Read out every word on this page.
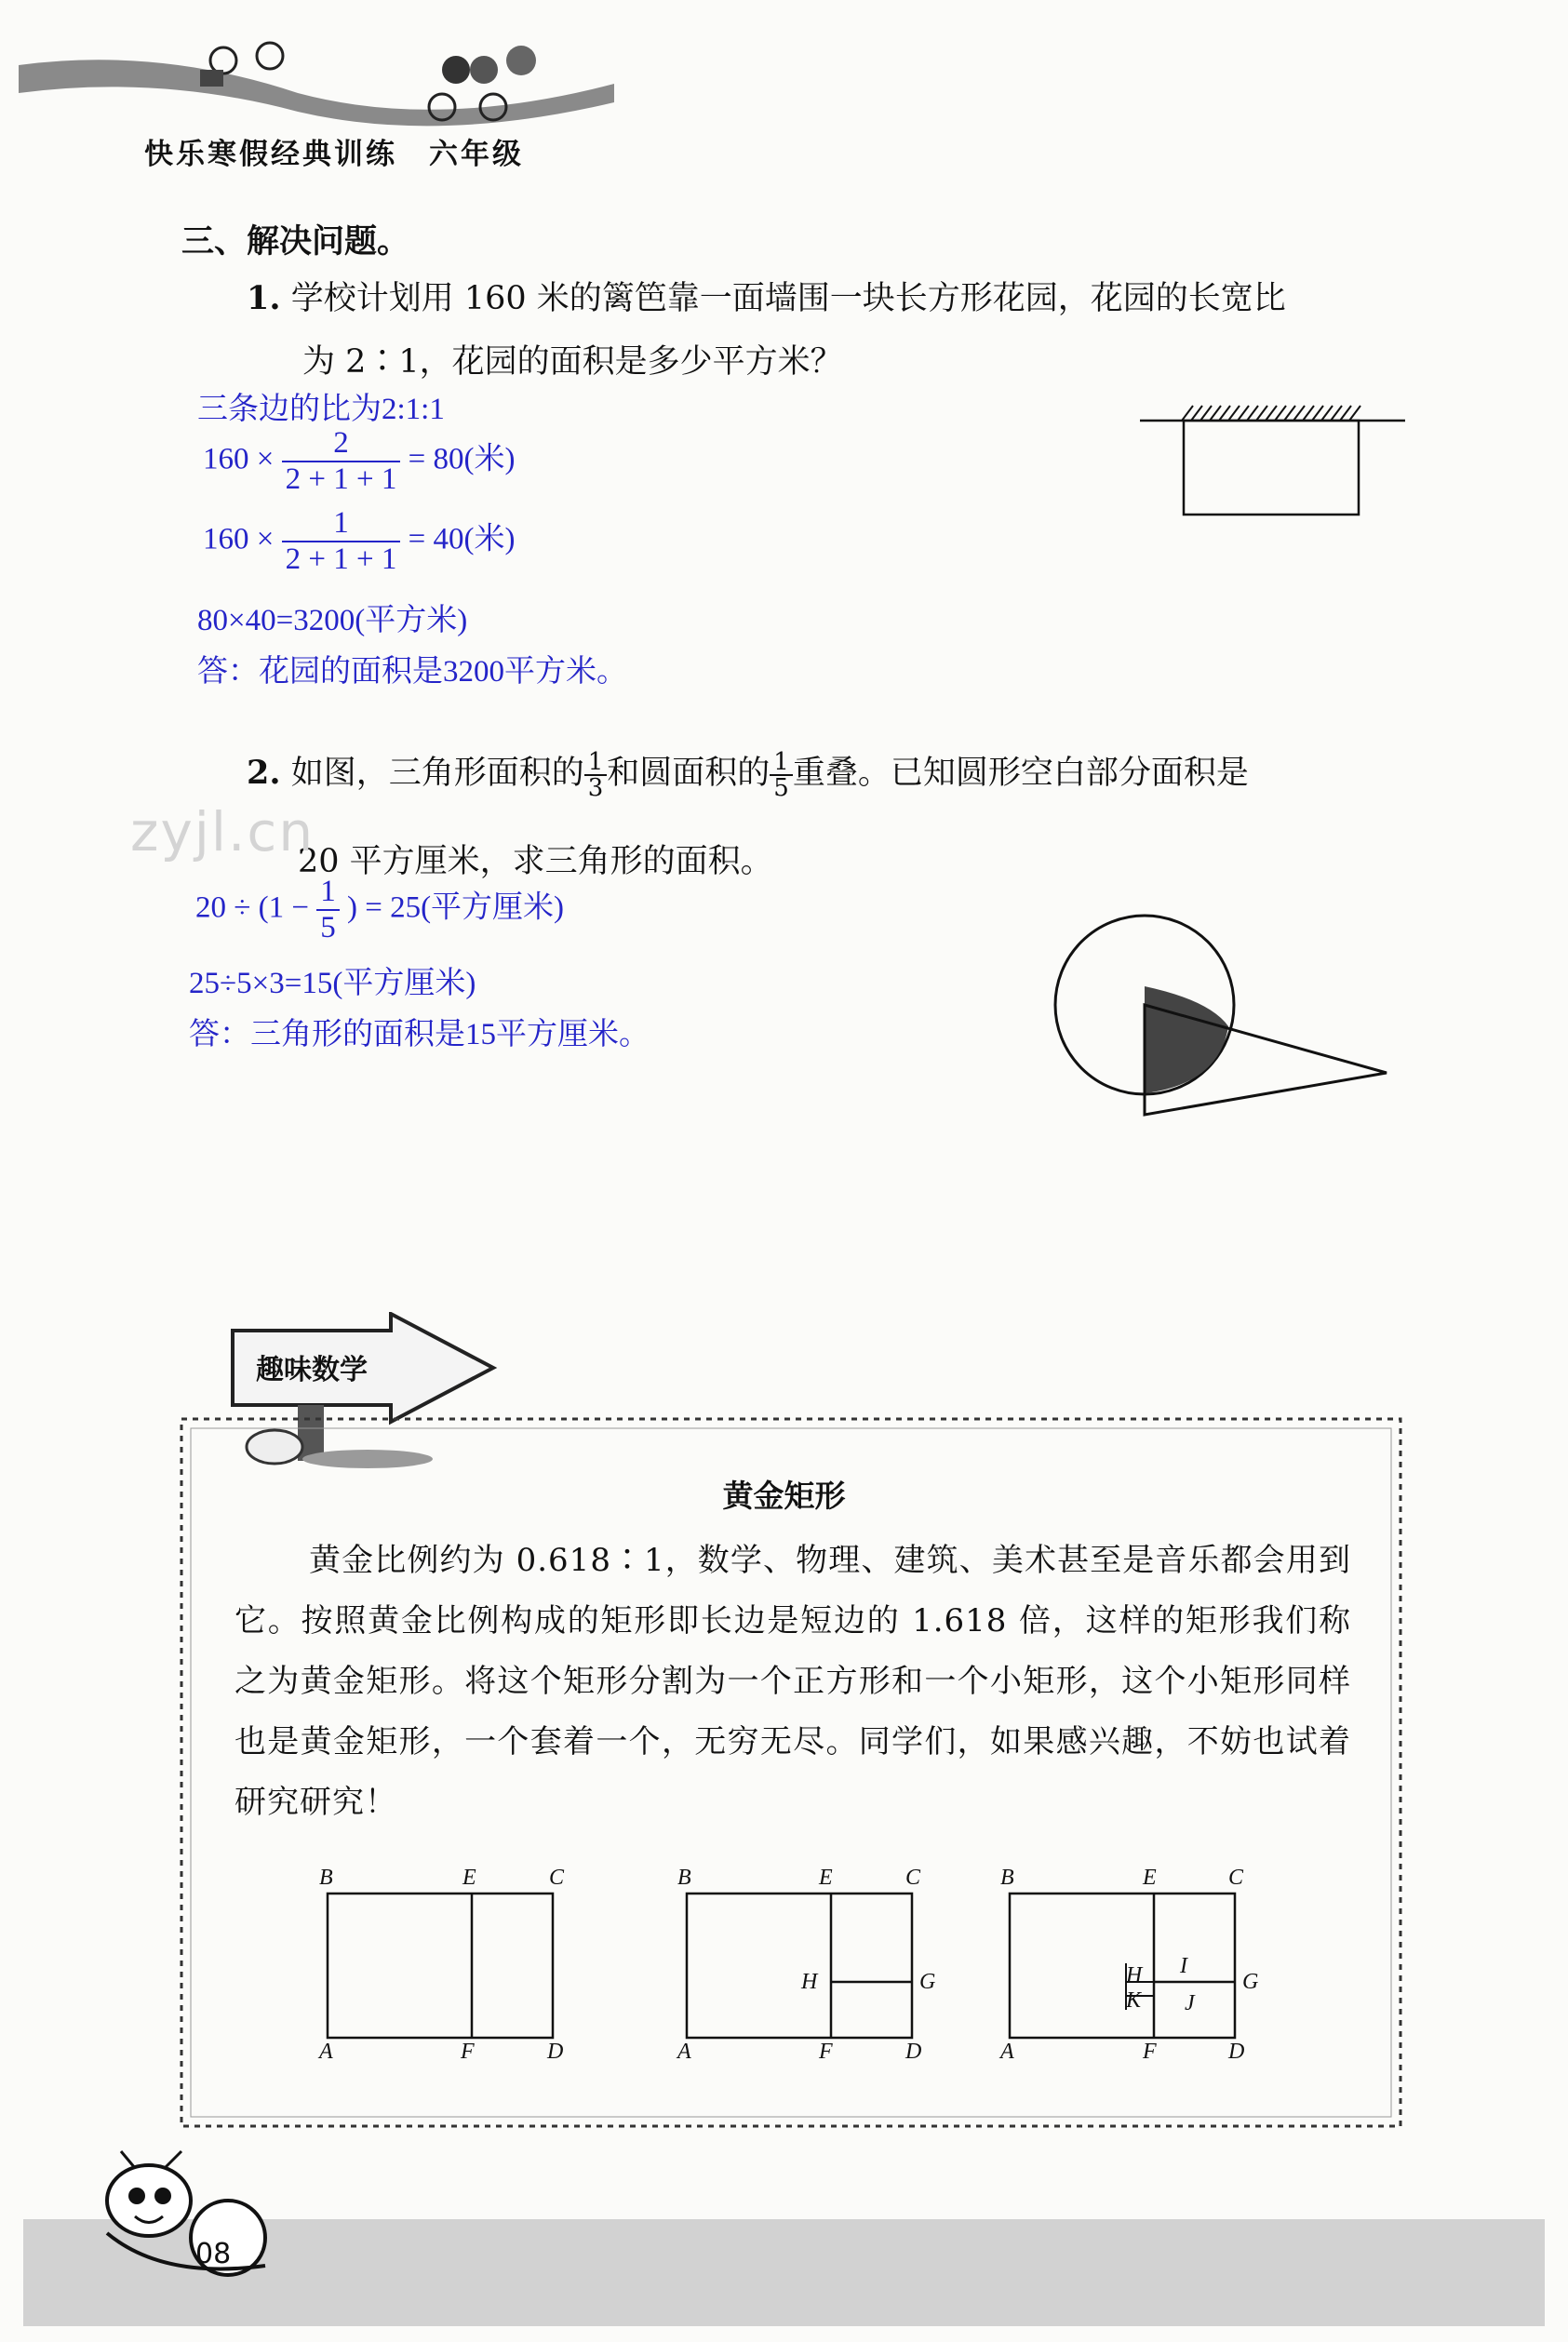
快乐寒假经典训练　六年级
三、解决问题。
1. 学校计划用 160 米的篱笆靠一面墙围一块长方形花园，花园的长宽比
为 2∶1，花园的面积是多少平方米？
三条边的比为2:1:1
$160 \times \frac{2}{2 + 1 + 1} = 80$(米)
$160 \times \frac{1}{2 + 1 + 1} = 40$(米)
80×40=3200(平方米)
答：花园的面积是3200平方米。
2. 如图，三角形面积的 $\frac{1}{3}$ 和圆面积的 $\frac{1}{5}$ 重叠。已知圆形空白部分面积是
20 平方厘米，求三角形的面积。
zyjl.cn
$20 \div (1 - \frac{1}{5}$ ) = 25(平方厘米)
25÷5×3=15(平方厘米)
答：三角形的面积是15平方厘米。
趣味数学
黄金矩形
黄金比例约为 0.618∶1，数学、物理、建筑、美术甚至是音乐都会用到它。按照黄金比例构成的矩形即长边是短边的 1.618 倍，这样的矩形我们称之为黄金矩形。将这个矩形分割为一个正方形和一个小矩形，这个小矩形同样也是黄金矩形，一个套着一个，无穷无尽。同学们，如果感兴趣，不妨也试着研究研究！
B	E	C
A	F	D
B	E	C
H	G
A	F	D
B	E	C
H I
G
K J
A	F	D
08
